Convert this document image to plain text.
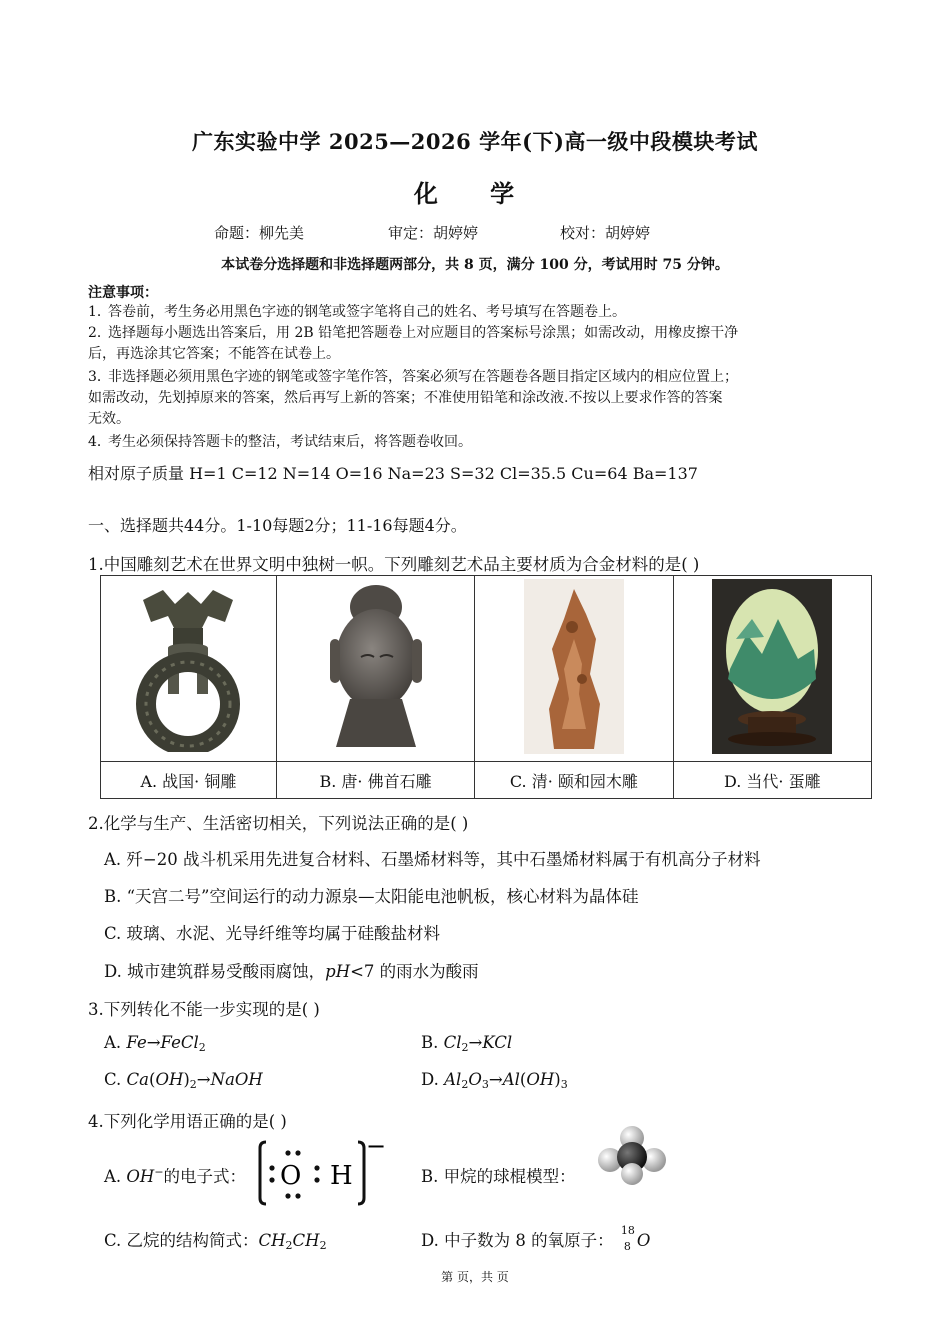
广东实验中学 2025—2026 学年(下)高一级中段模块考试
化 学
命题：柳先美	审定：胡婷婷	校对：胡婷婷
本试卷分选择题和非选择题两部分，共 8 页，满分 100 分，考试用时 75 分钟。
注意事项：
1．答卷前，考生务必用黑色字迹的钢笔或签字笔将自己的姓名、考号填写在答题卷上。
2．选择题每小题选出答案后，用 2B 铅笔把答题卷上对应题目的答案标号涂黑；如需改动，用橡皮擦干净
后，再选涂其它答案；不能答在试卷上。
3．非选择题必须用黑色字迹的钢笔或签字笔作答，答案必须写在答题卷各题目指定区域内的相应位置上；
如需改动，先划掉原来的答案，然后再写上新的答案；不准使用铅笔和涂改液.不按以上要求作答的答案
无效。
4．考生必须保持答题卡的整洁，考试结束后，将答题卷收回。
相对原子质量 H=1 C=12 N=14 O=16 Na=23 S=32 Cl=35.5 Cu=64 Ba=137
一、选择题共44分。1-10每题2分；11-16每题4分。
1.中国雕刻艺术在世界文明中独树一帜。下列雕刻艺术品主要材质为合金材料的是( )

A. 战国· 铜雕	B. 唐· 佛首石雕	C. 清· 颐和园木雕	D. 当代· 蛋雕
2.化学与生产、生活密切相关，下列说法正确的是( )
A. 歼−20 战斗机采用先进复合材料、石墨烯材料等，其中石墨烯材料属于有机高分子材料
B. “天宫二号”空间运行的动力源泉—太阳能电池帆板，核心材料为晶体硅
C. 玻璃、水泥、光导纤维等均属于硅酸盐材料
D. 城市建筑群易受酸雨腐蚀，pH<7 的雨水为酸雨
3.下列转化不能一步实现的是( )
A. Fe→FeCl$_2$	B. $Cl_2\to KCl$
C. $Ca(OH)_2\to NaOH$	D. $Al_2O_3\to Al(OH)_3$
4.下列化学用语正确的是( )
A. OH−的电子式： O H
−
B. 甲烷的球棍模型：
C. 乙烷的结构简式：$CH_2CH_2$	D. 中子数为 8 的氧原子：
18
8 O
第 页，共 页
